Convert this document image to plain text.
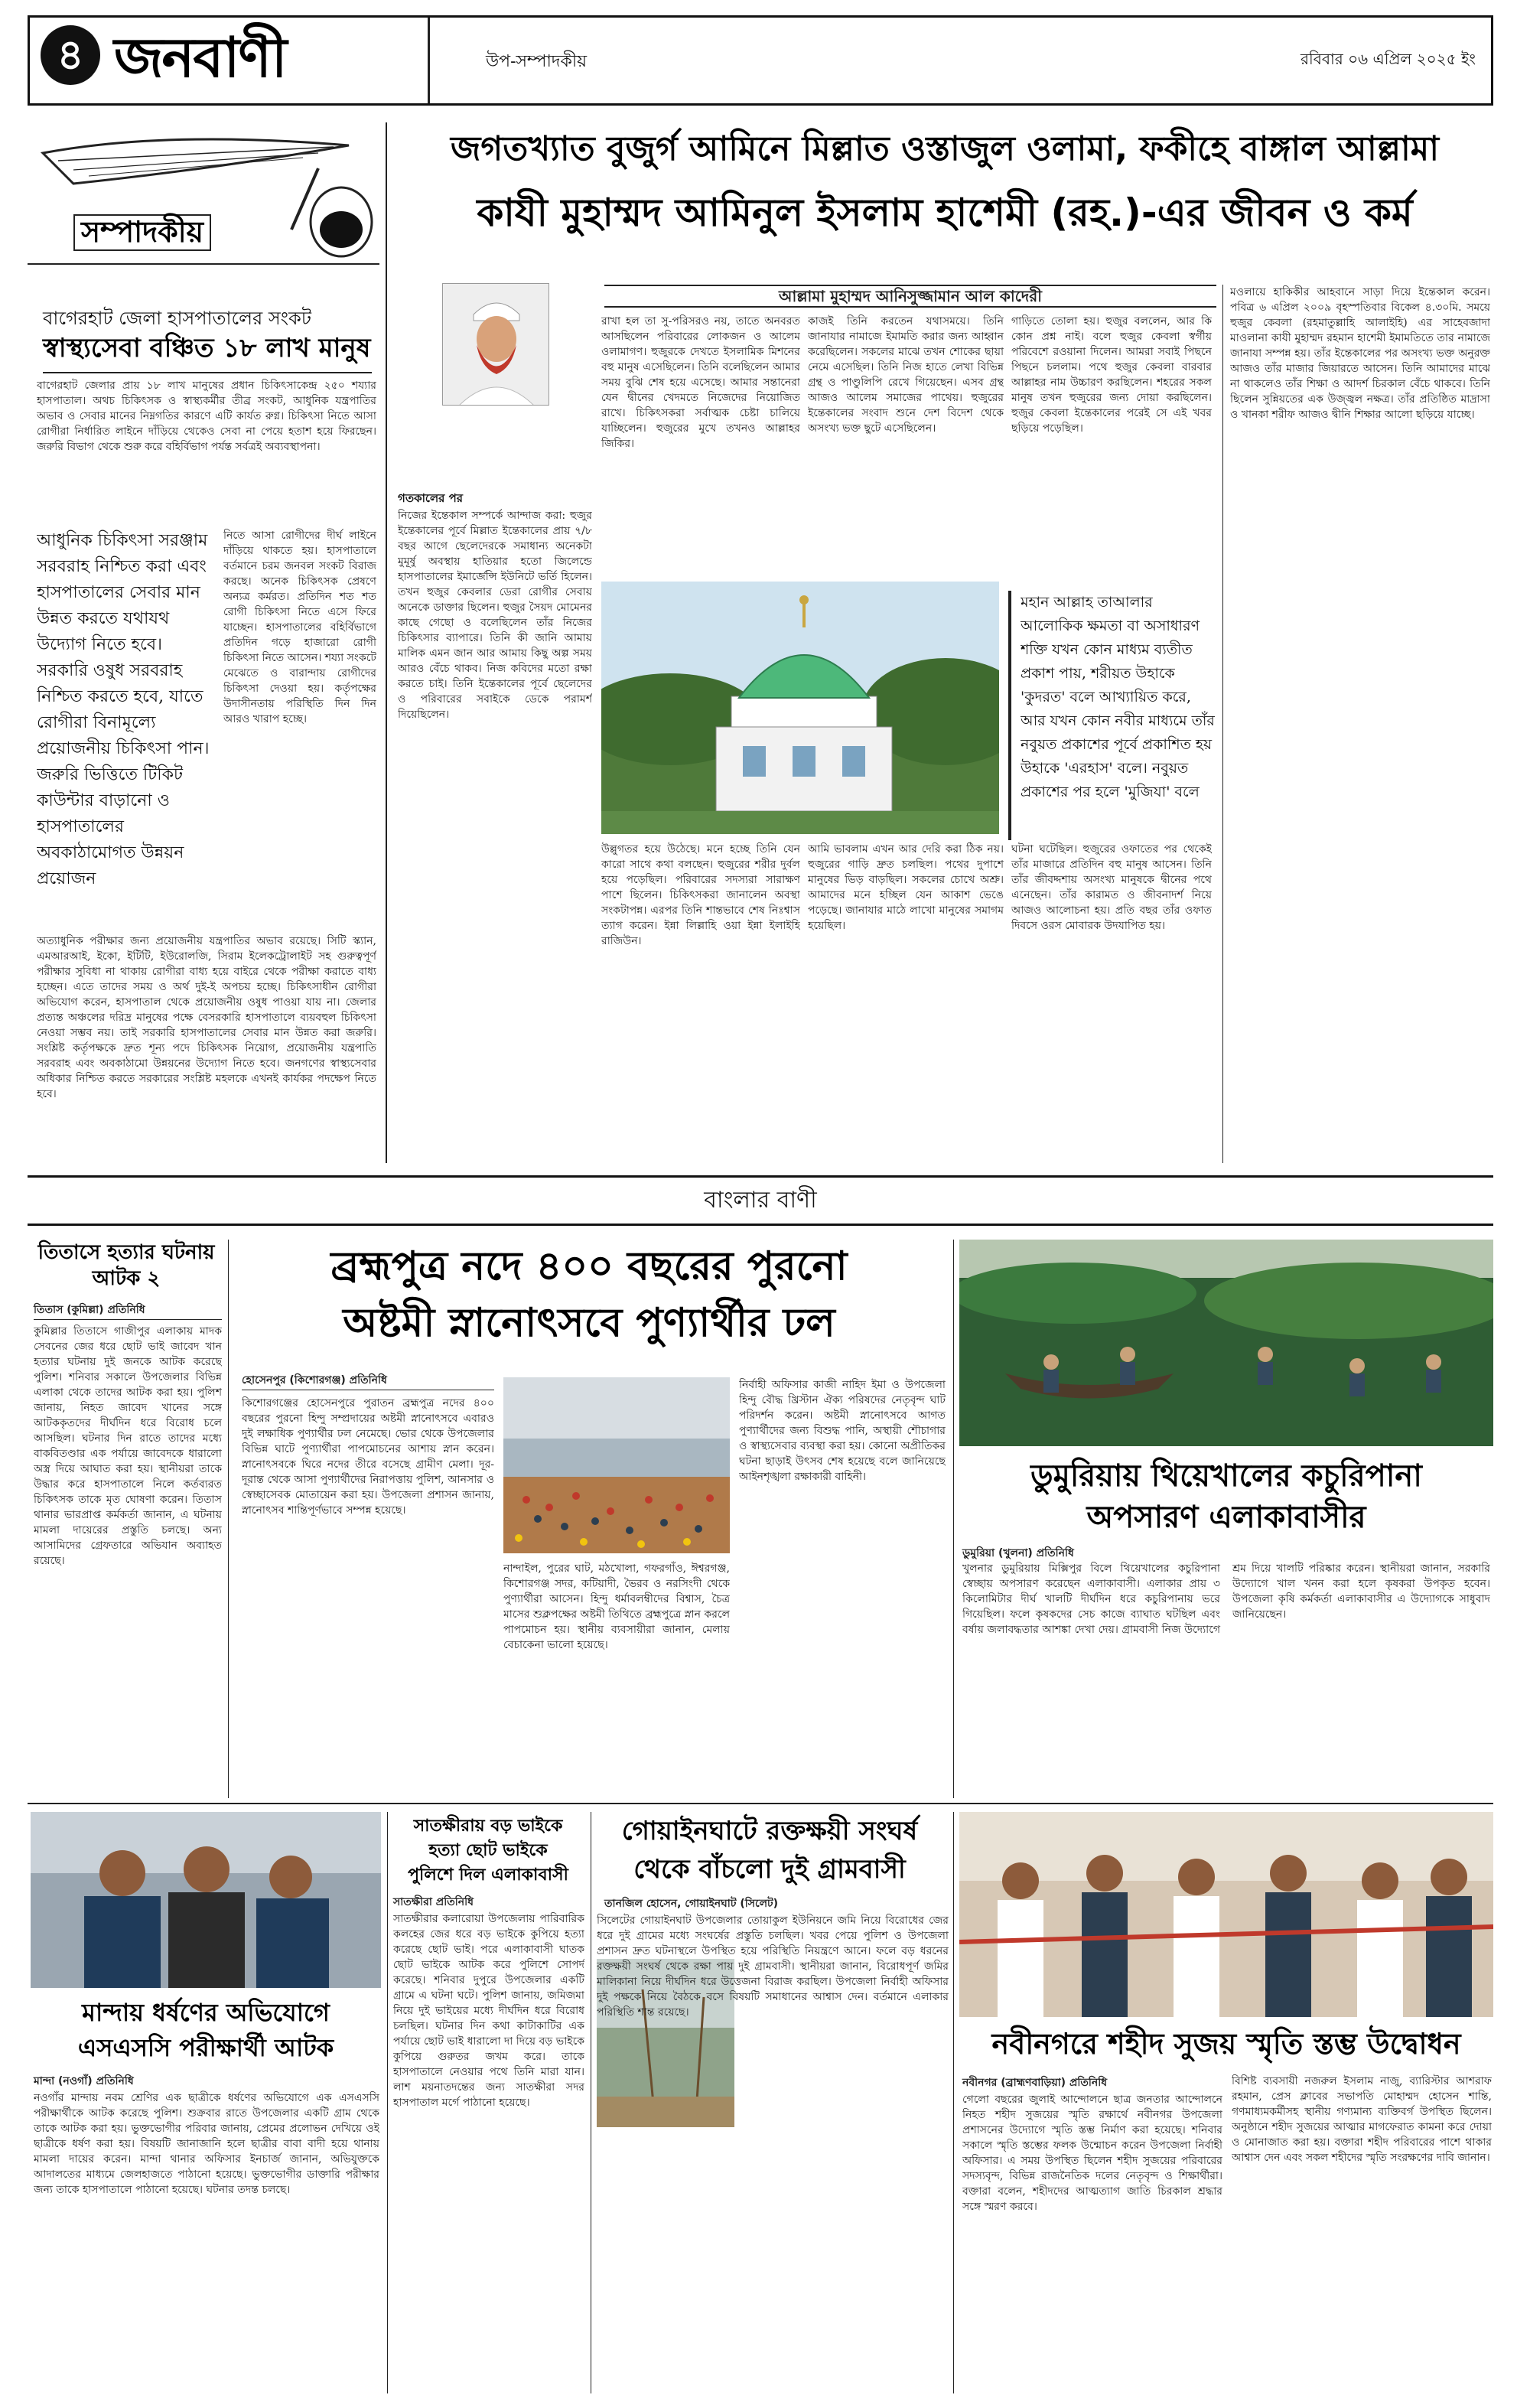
৪ জনবাণী	উপ-সম্পাদকীয়	রবিবার ০৬ এপ্রিল ২০২৫ ইং
সম্পাদকীয়
বাগেরহাট জেলা হাসপাতালের সংকট
স্বাস্থ্যসেবা বঞ্চিত ১৮ লাখ মানুষ
বাগেরহাট জেলার প্রায় ১৮ লাখ মানুষের প্রধান চিকিৎসাকেন্দ্র ২৫০ শয্যার হাসপাতাল। অথচ চিকিৎসক ও স্বাস্থ্যকর্মীর তীব্র সংকট, আধুনিক যন্ত্রপাতির অভাব ও সেবার মানের নিম্নগতির কারণে এটি কার্যত রুগ্ন। চিকিৎসা নিতে আসা রোগীরা নির্ধারিত লাইনে দাঁড়িয়ে থেকেও সেবা না পেয়ে হতাশ হয়ে ফিরছেন। জরুরি বিভাগ থেকে শুরু করে বহির্বিভাগ পর্যন্ত সর্বত্রই অব্যবস্থাপনা।
আধুনিক চিকিৎসা সরঞ্জাম সরবরাহ নিশ্চিত করা এবং হাসপাতালের সেবার মান উন্নত করতে যথাযথ উদ্যোগ নিতে হবে। সরকারি ওষুধ সরবরাহ নিশ্চিত করতে হবে, যাতে রোগীরা বিনামূল্যে প্রয়োজনীয় চিকিৎসা পান। জরুরি ভিত্তিতে টিকিট কাউন্টার বাড়ানো ও হাসপাতালের অবকাঠামোগত উন্নয়ন প্রয়োজন
নিতে আসা রোগীদের দীর্ঘ লাইনে দাঁড়িয়ে থাকতে হয়। হাসপাতালে বর্তমানে চরম জনবল সংকট বিরাজ করছে। অনেক চিকিৎসক প্রেষণে অন্যত্র কর্মরত। প্রতিদিন শত শত রোগী চিকিৎসা নিতে এসে ফিরে যাচ্ছেন। হাসপাতালের বহির্বিভাগে প্রতিদিন গড়ে হাজারো রোগী চিকিৎসা নিতে আসেন। শয্যা সংকটে মেঝেতে ও বারান্দায় রোগীদের চিকিৎসা দেওয়া হয়। কর্তৃপক্ষের উদাসীনতায় পরিস্থিতি দিন দিন আরও খারাপ হচ্ছে।
অত্যাধুনিক পরীক্ষার জন্য প্রয়োজনীয় যন্ত্রপাতির অভাব রয়েছে। সিটি স্ক্যান, এমআরআই, ইকো, ইটিটি, ইউরোলজি, সিরাম ইলেকট্রোলাইট সহ গুরুত্বপূর্ণ পরীক্ষার সুবিধা না থাকায় রোগীরা বাধ্য হয়ে বাইরে থেকে পরীক্ষা করাতে বাধ্য হচ্ছেন। এতে তাদের সময় ও অর্থ দুই-ই অপচয় হচ্ছে। চিকিৎসাধীন রোগীরা অভিযোগ করেন, হাসপাতাল থেকে প্রয়োজনীয় ওষুধ পাওয়া যায় না। জেলার প্রত্যন্ত অঞ্চলের দরিদ্র মানুষের পক্ষে বেসরকারি হাসপাতালে ব্যয়বহুল চিকিৎসা নেওয়া সম্ভব নয়। তাই সরকারি হাসপাতালের সেবার মান উন্নত করা জরুরি। সংশ্লিষ্ট কর্তৃপক্ষকে দ্রুত শূন্য পদে চিকিৎসক নিয়োগ, প্রয়োজনীয় যন্ত্রপাতি সরবরাহ এবং অবকাঠামো উন্নয়নের উদ্যোগ নিতে হবে। জনগণের স্বাস্থ্যসেবার অধিকার নিশ্চিত করতে সরকারের সংশ্লিষ্ট মহলকে এখনই কার্যকর পদক্ষেপ নিতে হবে।
জগতখ্যাত বুজুর্গ আমিনে মিল্লাত ওস্তাজুল ওলামা, ফকীহে বাঙ্গাল আল্লামা
কাযী মুহাম্মদ আমিনুল ইসলাম হাশেমী (রহ.)-এর জীবন ও কর্ম
আল্লামা মুহাম্মদ আনিসুজ্জামান আল কাদেরী
গতকালের পর
নিজের ইন্তেকাল সম্পর্কে আন্দাজ করা: হুজুর ইন্তেকালের পূর্বে মিল্লাত ইন্তেকালের প্রায় ৭/৮ বছর আগে ছেলেদেরকে সমাধান্য অনেকটা মুমূর্ষু অবস্থায় হাতিয়ার হতো জিলেন্ডে হাসপাতালের ইমার্জেন্সি ইউনিটে ভর্তি হিলেন। তখন হুজুর কেবলার ডেরা রোগীর সেবায় অনেকে ডাক্তার ছিলেন। হুজুর সৈয়দ মোমেনর কাছে গেছো ও বলেছিলেন তাঁর নিজের চিকিৎসার ব্যাপারে। তিনি কী জানি আমায় মালিক এমন জান আর আমায় কিছু অল্প সময় আরও বেঁচে থাকব। নিজ কবিদের মতো রক্ষা করতে চাই। তিনি ইন্তেকালের পূর্বে ছেলেদের ও পরিবারের সবাইকে ডেকে পরামর্শ দিয়েছিলেন।
রাখা হল তা সু-পরিসরও নয়, তাতে অনবরত আসছিলেন পরিবারের লোকজন ও আলেম ওলামাগণ। হুজুরকে দেখতে ইসলামিক মিশনের বহু মানুষ এসেছিলেন। তিনি বলেছিলেন আমার সময় বুঝি শেষ হয়ে এসেছে। আমার সন্তানেরা যেন দ্বীনের খেদমতে নিজেদের নিয়োজিত রাখে। চিকিৎসকরা সর্বাত্মক চেষ্টা চালিয়ে যাচ্ছিলেন। হুজুরের মুখে তখনও আল্লাহর জিকির।
কাজই তিনি করতেন যথাসময়ে। তিনি জানাযার নামাজে ইমামতি করার জন্য আহ্বান করেছিলেন। সকলের মাঝে তখন শোকের ছায়া নেমে এসেছিল। তিনি নিজ হাতে লেখা বিভিন্ন গ্রন্থ ও পাণ্ডুলিপি রেখে গিয়েছেন। এসব গ্রন্থ আজও আলেম সমাজের পাথেয়। হুজুরের ইন্তেকালের সংবাদ শুনে দেশ বিদেশ থেকে অসংখ্য ভক্ত ছুটে এসেছিলেন।
গাড়িতে তোলা হয়। হুজুর বললেন, আর কি কোন প্রশ্ন নাই। বলে হুজুর কেবলা স্বর্গীয় পরিবেশে রওয়ানা দিলেন। আমরা সবাই পিছনে পিছনে চললাম। পথে হুজুর কেবলা বারবার আল্লাহর নাম উচ্চারণ করছিলেন। শহরের সকল মানুষ তখন হুজুরের জন্য দোয়া করছিলেন। হুজুর কেবলা ইন্তেকালের পরেই সে এই খবর ছড়িয়ে পড়েছিল।
মহান আল্লাহ তাআলার আলোকিক ক্ষমতা বা অসাধারণ শক্তি যখন কোন মাধ্যম ব্যতীত প্রকাশ পায়, শরীয়ত উহাকে 'কুদরত' বলে আখ্যায়িত করে, আর যখন কোন নবীর মাধ্যমে তাঁর নবুয়ত প্রকাশের পূর্বে প্রকাশিত হয় উহাকে 'এরহাস' বলে। নবুয়ত প্রকাশের পর হলে 'মুজিযা' বলে
উল্লুগতর হয়ে উঠেছে। মনে হচ্ছে তিনি যেন কারো সাথে কথা বলছেন। হুজুরের শরীর দুর্বল হয়ে পড়েছিল। পরিবারের সদস্যরা সারাক্ষণ পাশে ছিলেন। চিকিৎসকরা জানালেন অবস্থা সংকটাপন্ন। এরপর তিনি শান্তভাবে শেষ নিঃশ্বাস ত্যাগ করেন। ইন্না লিল্লাহি ওয়া ইন্না ইলাইহি রাজিউন।
আমি ভাবলাম এখন আর দেরি করা ঠিক নয়। হুজুরের গাড়ি দ্রুত চলছিল। পথের দুপাশে মানুষের ভিড় বাড়ছিল। সকলের চোখে অশ্রু। আমাদের মনে হচ্ছিল যেন আকাশ ভেঙে পড়েছে। জানাযার মাঠে লাখো মানুষের সমাগম হয়েছিল।
ঘটনা ঘটেছিল। হুজুরের ওফাতের পর থেকেই তাঁর মাজারে প্রতিদিন বহু মানুষ আসেন। তিনি তাঁর জীবদ্দশায় অসংখ্য মানুষকে দ্বীনের পথে এনেছেন। তাঁর কারামত ও জীবনাদর্শ নিয়ে আজও আলোচনা হয়। প্রতি বছর তাঁর ওফাত দিবসে ওরস মোবারক উদযাপিত হয়।
মওলায়ে হাকিকীর আহবানে সাড়া দিয়ে ইন্তেকাল করেন। পবিত্র ৬ এপ্রিল ২০০৯ বৃহস্পতিবার বিকেল ৪.৩০মি. সময়ে হুজুর কেবলা (রহমাতুল্লাহি আলাইহি) এর সাহেবজাদা মাওলানা কাযী মুহাম্মদ রহমান হাশেমী ইমামতিতে তার নামাজে জানাযা সম্পন্ন হয়। তাঁর ইন্তেকালের পর অসংখ্য ভক্ত অনুরক্ত আজও তাঁর মাজার জিয়ারতে আসেন। তিনি আমাদের মাঝে না থাকলেও তাঁর শিক্ষা ও আদর্শ চিরকাল বেঁচে থাকবে। তিনি ছিলেন সুন্নিয়তের এক উজ্জ্বল নক্ষত্র। তাঁর প্রতিষ্ঠিত মাদ্রাসা ও খানকা শরীফ আজও দ্বীনি শিক্ষার আলো ছড়িয়ে যাচ্ছে।
বাংলার বাণী
তিতাসে হত্যার ঘটনায় আটক ২
তিতাস (কুমিল্লা) প্রতিনিধি
কুমিল্লার তিতাসে গাজীপুর এলাকায় মাদক সেবনের জের ধরে ছোট ভাই জাবেদ খান হত্যার ঘটনায় দুই জনকে আটক করেছে পুলিশ। শনিবার সকালে উপজেলার বিভিন্ন এলাকা থেকে তাদের আটক করা হয়। পুলিশ জানায়, নিহত জাবেদ খানের সঙ্গে আটককৃতদের দীর্ঘদিন ধরে বিরোধ চলে আসছিল। ঘটনার দিন রাতে তাদের মধ্যে বাকবিতণ্ডার এক পর্যায়ে জাবেদকে ধারালো অস্ত্র দিয়ে আঘাত করা হয়। স্থানীয়রা তাকে উদ্ধার করে হাসপাতালে নিলে কর্তব্যরত চিকিৎসক তাকে মৃত ঘোষণা করেন। তিতাস থানার ভারপ্রাপ্ত কর্মকর্তা জানান, এ ঘটনায় মামলা দায়েরের প্রস্তুতি চলছে। অন্য আসামিদের গ্রেফতারে অভিযান অব্যাহত রয়েছে।
ব্রহ্মপুত্র নদে ৪০০ বছরের পুরনো
অষ্টমী স্নানোৎসবে পুণ্যার্থীর ঢল
হোসেনপুর (কিশোরগঞ্জ) প্রতিনিধি
কিশোরগঞ্জের হোসেনপুরে পুরাতন ব্রহ্মপুত্র নদের ৪০০ বছরের পুরনো হিন্দু সম্প্রদায়ের অষ্টমী স্নানোৎসবে এবারও দুই লক্ষাধিক পুণ্যার্থীর ঢল নেমেছে। ভোর থেকে উপজেলার বিভিন্ন ঘাটে পুণ্যার্থীরা পাপমোচনের আশায় স্নান করেন। স্নানোৎসবকে ঘিরে নদের তীরে বসেছে গ্রামীণ মেলা। দূর-দূরান্ত থেকে আসা পুণ্যার্থীদের নিরাপত্তায় পুলিশ, আনসার ও স্বেচ্ছাসেবক মোতায়েন করা হয়। উপজেলা প্রশাসন জানায়, স্নানোৎসব শান্তিপূর্ণভাবে সম্পন্ন হয়েছে।
নান্দাইল, পুরের ঘাট, মঠখোলা, গফরগাঁও, ঈশ্বরগঞ্জ, কিশোরগঞ্জ সদর, কটিয়াদী, ভৈরব ও নরসিংদী থেকে পুণ্যার্থীরা আসেন। হিন্দু ধর্মাবলম্বীদের বিশ্বাস, চৈত্র মাসের শুক্লপক্ষের অষ্টমী তিথিতে ব্রহ্মপুত্রে স্নান করলে পাপমোচন হয়। স্থানীয় ব্যবসায়ীরা জানান, মেলায় বেচাকেনা ভালো হয়েছে।
নির্বাহী অফিসার কাজী নাহিদ ইমা ও উপজেলা হিন্দু বৌদ্ধ খ্রিস্টান ঐক্য পরিষদের নেতৃবৃন্দ ঘাট পরিদর্শন করেন। অষ্টমী স্নানোৎসবে আগত পুণ্যার্থীদের জন্য বিশুদ্ধ পানি, অস্থায়ী শৌচাগার ও স্বাস্থ্যসেবার ব্যবস্থা করা হয়। কোনো অপ্রীতিকর ঘটনা ছাড়াই উৎসব শেষ হয়েছে বলে জানিয়েছে আইনশৃঙ্খলা রক্ষাকারী বাহিনী।	ডুমুরিয়ায় থিয়েখালের কচুরিপানা
অপসারণ এলাকাবাসীর
ডুমুরিয়া (খুলনা) প্রতিনিধি
খুলনার ডুমুরিয়ায় মিক্সিপুর বিলে থিয়েখালের কচুরিপানা স্বেচ্ছায় অপসারণ করেছেন এলাকাবাসী। এলাকার প্রায় ৩ কিলোমিটার দীর্ঘ খালটি দীর্ঘদিন ধরে কচুরিপানায় ভরে গিয়েছিল। ফলে কৃষকদের সেচ কাজে ব্যাঘাত ঘটছিল এবং বর্ষায় জলাবদ্ধতার আশঙ্কা দেখা দেয়। গ্রামবাসী নিজ উদ্যোগে শ্রম দিয়ে খালটি পরিষ্কার করেন। স্থানীয়রা জানান, সরকারি উদ্যোগে খাল খনন করা হলে কৃষকরা উপকৃত হবেন। উপজেলা কৃষি কর্মকর্তা এলাকাবাসীর এ উদ্যোগকে সাধুবাদ জানিয়েছেন।
মান্দায় ধর্ষণের অভিযোগে
এসএসসি পরীক্ষার্থী আটক
মান্দা (নওগাঁ) প্রতিনিধি
নওগাঁর মান্দায় নবম শ্রেণির এক ছাত্রীকে ধর্ষণের অভিযোগে এক এসএসসি পরীক্ষার্থীকে আটক করেছে পুলিশ। শুক্রবার রাতে উপজেলার একটি গ্রাম থেকে তাকে আটক করা হয়। ভুক্তভোগীর পরিবার জানায়, প্রেমের প্রলোভন দেখিয়ে ওই ছাত্রীকে ধর্ষণ করা হয়। বিষয়টি জানাজানি হলে ছাত্রীর বাবা বাদী হয়ে থানায় মামলা দায়ের করেন। মান্দা থানার অফিসার ইনচার্জ জানান, অভিযুক্তকে আদালতের মাধ্যমে জেলহাজতে পাঠানো হয়েছে। ভুক্তভোগীর ডাক্তারি পরীক্ষার জন্য তাকে হাসপাতালে পাঠানো হয়েছে। ঘটনার তদন্ত চলছে।
সাতক্ষীরায় বড় ভাইকে
হত্যা ছোট ভাইকে
পুলিশে দিল এলাকাবাসী
সাতক্ষীরা প্রতিনিধি
সাতক্ষীরার কলারোয়া উপজেলায় পারিবারিক কলহের জের ধরে বড় ভাইকে কুপিয়ে হত্যা করেছে ছোট ভাই। পরে এলাকাবাসী ঘাতক ছোট ভাইকে আটক করে পুলিশে সোপর্দ করেছে। শনিবার দুপুরে উপজেলার একটি গ্রামে এ ঘটনা ঘটে। পুলিশ জানায়, জমিজমা নিয়ে দুই ভাইয়ের মধ্যে দীর্ঘদিন ধরে বিরোধ চলছিল। ঘটনার দিন কথা কাটাকাটির এক পর্যায়ে ছোট ভাই ধারালো দা দিয়ে বড় ভাইকে কুপিয়ে গুরুতর জখম করে। তাকে হাসপাতালে নেওয়ার পথে তিনি মারা যান। লাশ ময়নাতদন্তের জন্য সাতক্ষীরা সদর হাসপাতাল মর্গে পাঠানো হয়েছে।
গোয়াইনঘাটে রক্তক্ষয়ী সংঘর্ষ
থেকে বাঁচলো দুই গ্রামবাসী
তানজিল হোসেন, গোয়াইনঘাট (সিলেট)
সিলেটের গোয়াইনঘাট উপজেলার তোয়াকুল ইউনিয়নে জমি নিয়ে বিরোধের জের ধরে দুই গ্রামের মধ্যে সংঘর্ষের প্রস্তুতি চলছিল। খবর পেয়ে পুলিশ ও উপজেলা প্রশাসন দ্রুত ঘটনাস্থলে উপস্থিত হয়ে পরিস্থিতি নিয়ন্ত্রণে আনে। ফলে বড় ধরনের রক্তক্ষয়ী সংঘর্ষ থেকে রক্ষা পায় দুই গ্রামবাসী। স্থানীয়রা জানান, বিরোধপূর্ণ জমির মালিকানা নিয়ে দীর্ঘদিন ধরে উত্তেজনা বিরাজ করছিল। উপজেলা নির্বাহী অফিসার দুই পক্ষকে নিয়ে বৈঠকে বসে বিষয়টি সমাধানের আশ্বাস দেন। বর্তমানে এলাকার পরিস্থিতি শান্ত রয়েছে।
নবীনগরে শহীদ সুজয় স্মৃতি স্তম্ভ উদ্বোধন
নবীনগর (ব্রাহ্মণবাড়িয়া) প্রতিনিধি
গেলো বছরের জুলাই আন্দোলনে ছাত্র জনতার আন্দোলনে নিহত শহীদ সুজয়ের স্মৃতি রক্ষার্থে নবীনগর উপজেলা প্রশাসনের উদ্যোগে স্মৃতি স্তম্ভ নির্মাণ করা হয়েছে। শনিবার সকালে স্মৃতি স্তম্ভের ফলক উন্মোচন করেন উপজেলা নির্বাহী অফিসার। এ সময় উপস্থিত ছিলেন শহীদ সুজয়ের পরিবারের সদস্যবৃন্দ, বিভিন্ন রাজনৈতিক দলের নেতৃবৃন্দ ও শিক্ষার্থীরা। বক্তারা বলেন, শহীদদের আত্মত্যাগ জাতি চিরকাল শ্রদ্ধার সঙ্গে স্মরণ করবে।
বিশিষ্ট ব্যবসায়ী নজরুল ইসলাম নাজু, ব্যারিস্টার আশরাফ রহমান, প্রেস ক্লাবের সভাপতি মোহাম্মদ হোসেন শান্তি, গণমাধ্যমকর্মীসহ স্থানীয় গণ্যমান্য ব্যক্তিবর্গ উপস্থিত ছিলেন। অনুষ্ঠানে শহীদ সুজয়ের আত্মার মাগফেরাত কামনা করে দোয়া ও মোনাজাত করা হয়। বক্তারা শহীদ পরিবারের পাশে থাকার আশ্বাস দেন এবং সকল শহীদের স্মৃতি সংরক্ষণের দাবি জানান।
